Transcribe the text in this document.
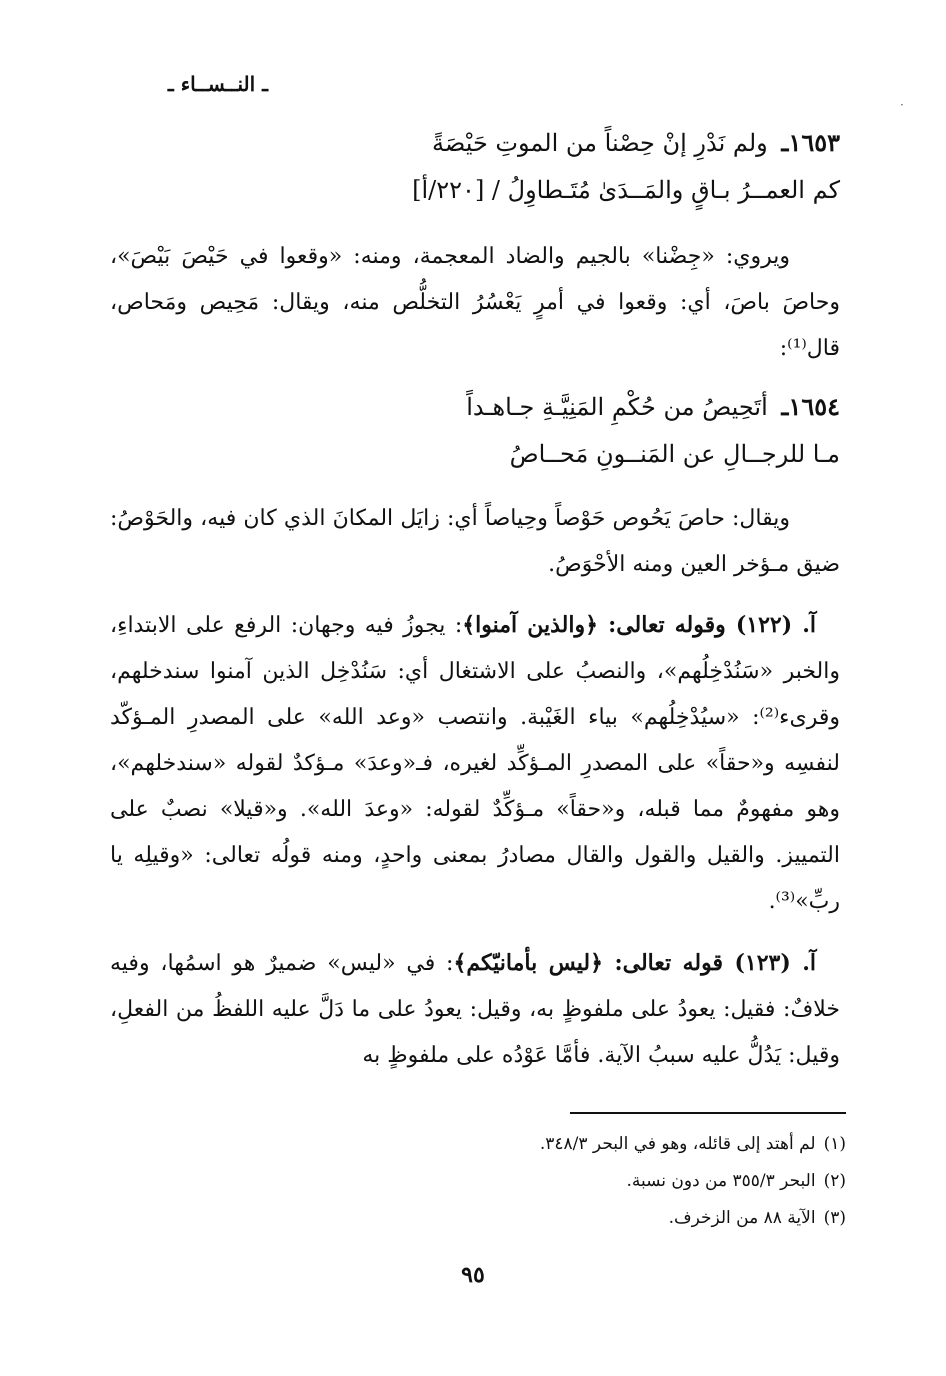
ـ النــســاء ـ
·
١٦٥٣ـ ولم نَدْرِ إنْ حِصْناً من الموتِ حَيْصَةً
كم العمــرُ بـاقٍ والمَــدَىٰ مُتَـطاوِلُ / [٢٢٠/أ]

ويروي: «جِضْنا» بالجيم والضاد المعجمة، ومنه: «وقعوا في حَيْصَ بَيْصَ»، وحاصَ باصَ، أي: وقعوا في أمرٍ يَعْسُرُ التخلُّص منه، ويقال: مَحِيص ومَحاص، قال⁽¹⁾:

١٦٥٤ـ أتَحِيصُ من حُكْمِ المَنِيَّـةِ جـاهـداً
مـا للرجــالِ عن المَنــونِ مَحــاصُ

ويقال: حاصَ يَحُوص حَوْصاً وحِياصاً أي: زايَل المكانَ الذي كان فيه، والحَوْصُ: ضيق مـؤخر العين ومنه الأحْوَصُ.

آ. (١٢٢) وقوله تعالى: ﴿والذين آمنوا﴾: يجوزُ فيه وجهان: الرفع على الابتداءِ، والخبر «سَنُدْخِلُهم»، والنصبُ على الاشتغال أي: سَنُدْخِل الذين آمنوا سندخلهم، وقرىء⁽²⁾: «سيُدْخِلُهم» بياء الغَيْبة. وانتصب «وعد الله» على المصدرِ المـؤكّد لنفسِه و«حقاً» على المصدرِ المـؤكِّد لغيره، فـ«وعدَ» مـؤكدٌ لقوله «سندخلهم»، وهو مفهومٌ مما قبله، و«حقاً» مـؤكِّدٌ لقوله: «وعدَ الله». و«قيلا» نصبٌ على التمييز. والقيل والقول والقال مصادرُ بمعنى واحدٍ، ومنه قولُه تعالى: «وقيلِه يا ربِّ»⁽³⁾.

آ. (١٢٣) قوله تعالى: ﴿ليس بأمانيّكم﴾: في «ليس» ضميرٌ هو اسمُها، وفيه خلافٌ: فقيل: يعودُ على ملفوظٍ به، وقيل: يعودُ على ما دَلَّ عليه اللفظُ من الفعلِ، وقيل: يَدُلُّ عليه سببُ الآية. فأمَّا عَوْدُه على ملفوظٍ به

(١)لم أهتد إلى قائله، وهو في البحر ٣٤٨/٣.
(٢)البحر ٣٥٥/٣ من دون نسبة.
(٣)الآية ٨٨ من الزخرف.
٩٥
